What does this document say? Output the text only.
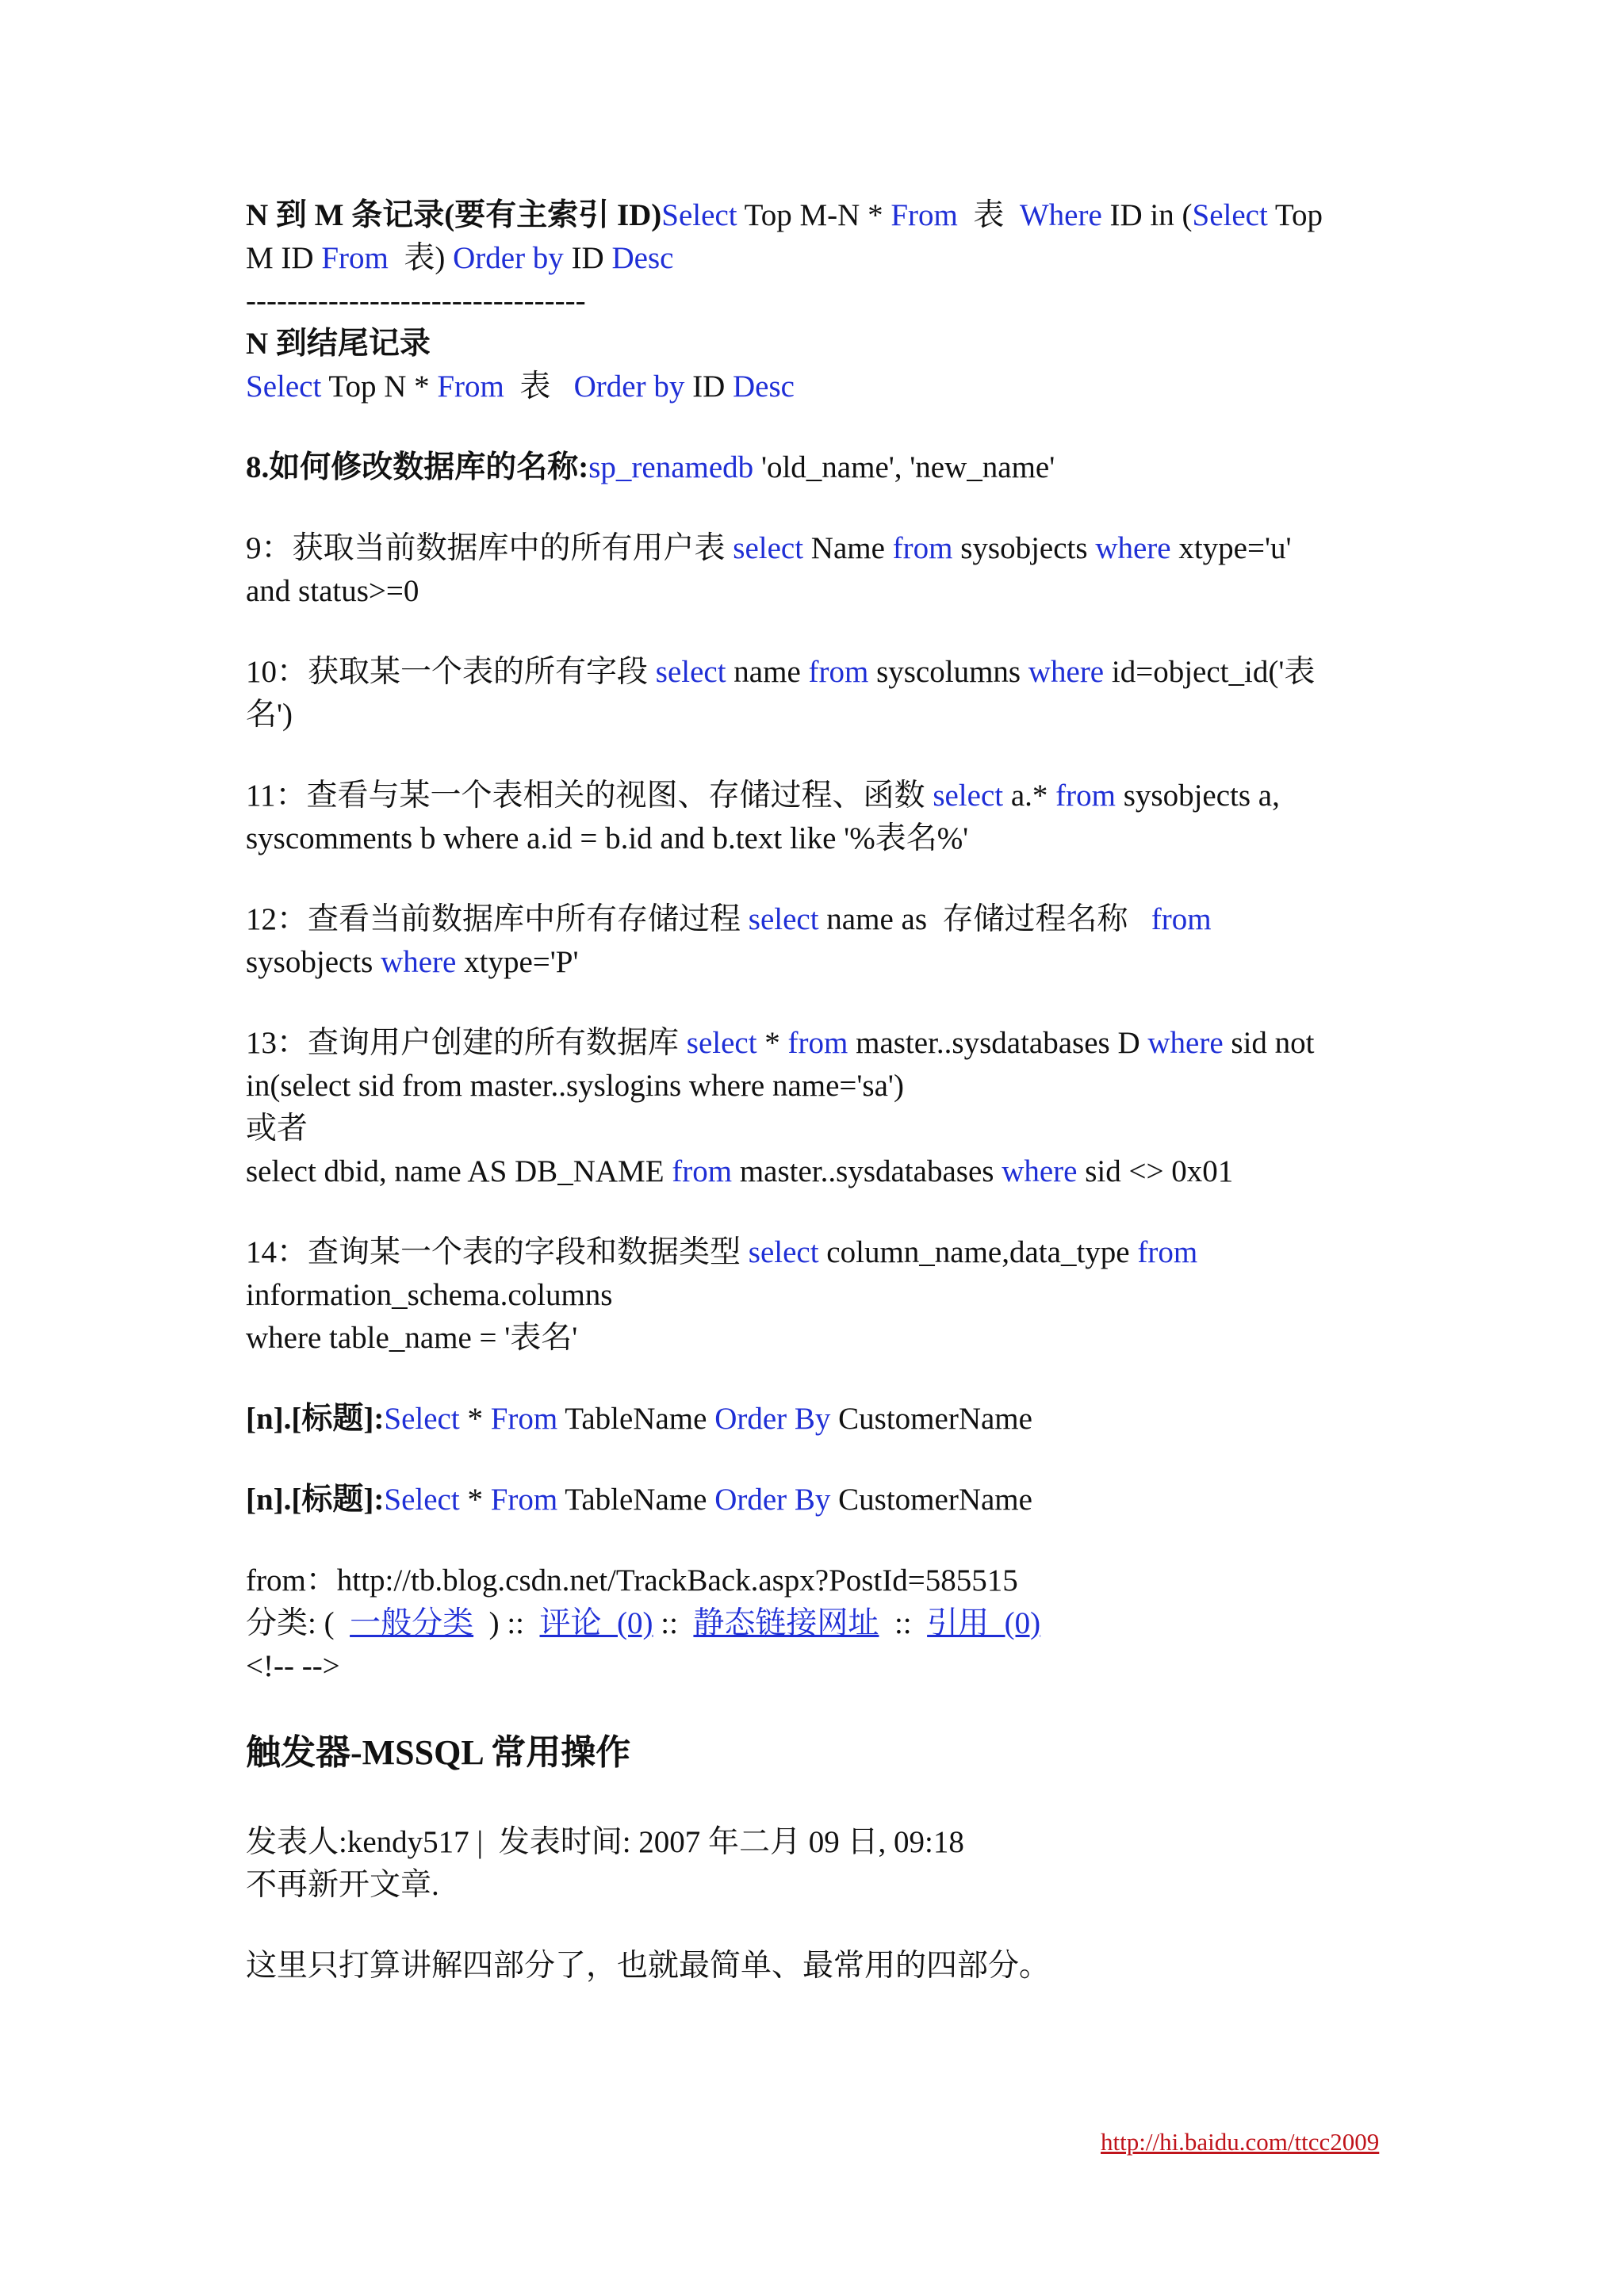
N 到 M 条记录(要有主索引 ID)Select Top M-N * From  表  Where ID in (Select Top
M ID From  表) Order by ID Desc
---------------------------------
N 到结尾记录
Select Top N * From  表   Order by ID Desc
8.如何修改数据库的名称:sp_renamedb 'old_name', 'new_name'
9：获取当前数据库中的所有用户表 select Name from sysobjects where xtype='u'
and status>=0
10：获取某一个表的所有字段 select name from syscolumns where id=object_id('表
名')
11：查看与某一个表相关的视图、存储过程、函数 select a.* from sysobjects a,
syscomments b where a.id = b.id and b.text like '%表名%'
12：查看当前数据库中所有存储过程 select name as  存储过程名称   from
sysobjects where xtype='P'
13：查询用户创建的所有数据库 select * from master..sysdatabases D where sid not
in(select sid from master..syslogins where name='sa')
或者
select dbid, name AS DB_NAME from master..sysdatabases where sid <> 0x01
14：查询某一个表的字段和数据类型 select column_name,data_type from
information_schema.columns
where table_name = '表名'
[n].[标题]:Select * From TableName Order By CustomerName
[n].[标题]:Select * From TableName Order By CustomerName
from：http://tb.blog.csdn.net/TrackBack.aspx?PostId=585515
分类: (  一般分类  ) ::  评论  (0) ::  静态链接网址  ::  引用  (0)
<!-- -->
触发器-MSSQL 常用操作
发表人:kendy517 |  发表时间: 2007 年二月 09 日, 09:18
不再新开文章.
这里只打算讲解四部分了，也就最简单、最常用的四部分。
http://hi.baidu.com/ttcc2009
